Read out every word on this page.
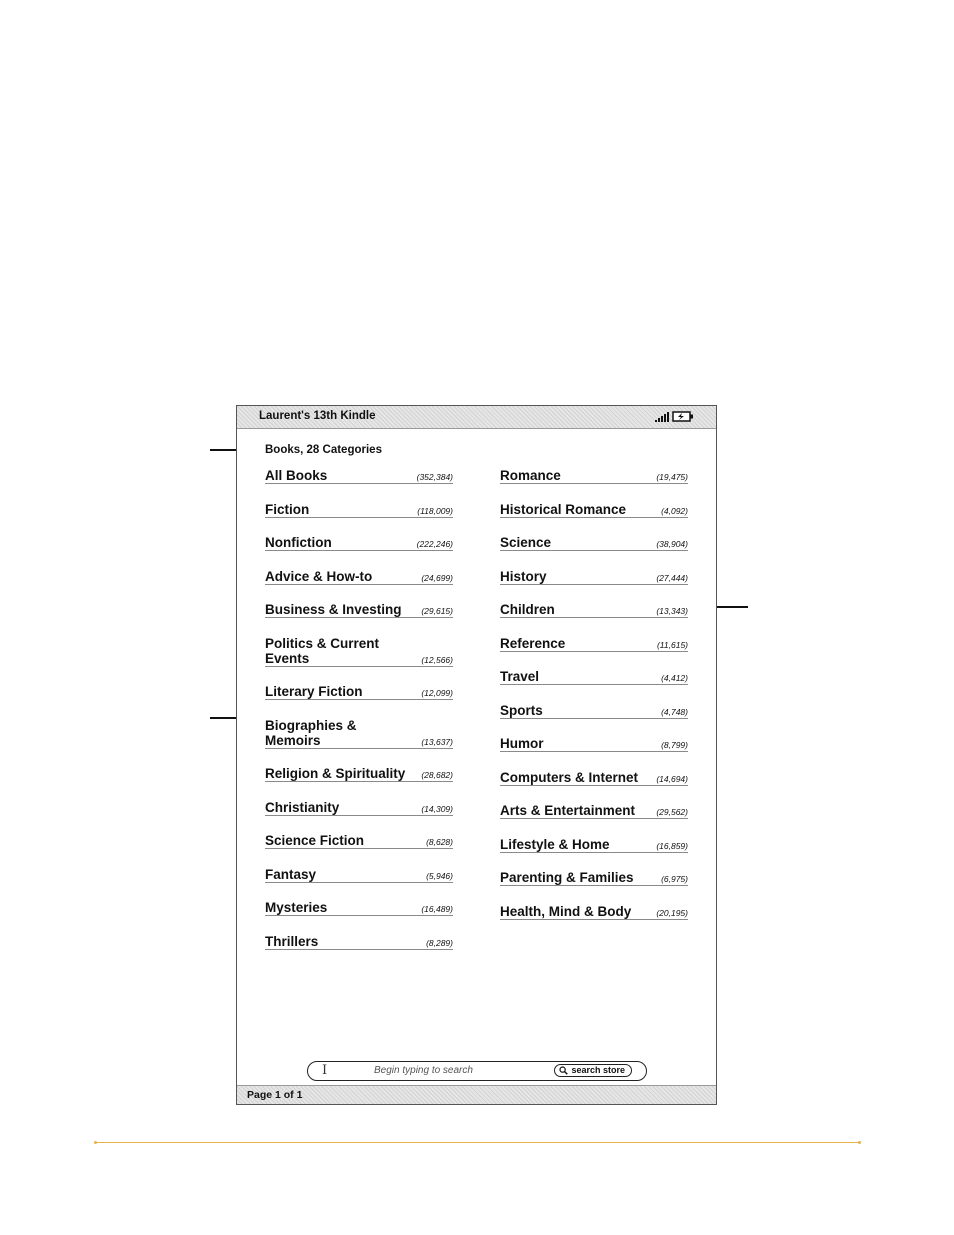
Laurent's 13th Kindle
Books, 28 Categories
All Books	(352,384)
Fiction	(118,009)
Nonfiction	(222,246)
Advice & How-to	(24,699)
Business & Investing	(29,615)
Politics & Current Events	(12,566)
Literary Fiction	(12,099)
Biographies & Memoirs	(13,637)
Religion & Spirituality	(28,682)
Christianity	(14,309)
Science Fiction	(8,628)
Fantasy	(5,946)
Mysteries	(16,489)
Thrillers	(8,289)
Romance	(19,475)
Historical Romance	(4,092)
Science	(38,904)
History	(27,444)
Children	(13,343)
Reference	(11,615)
Travel	(4,412)
Sports	(4,748)
Humor	(8,799)
Computers & Internet	(14,694)
Arts & Entertainment	(29,562)
Lifestyle & Home	(16,859)
Parenting & Families	(6,975)
Health, Mind & Body	(20,195)
I	Begin typing to search	search store
Page 1 of 1
